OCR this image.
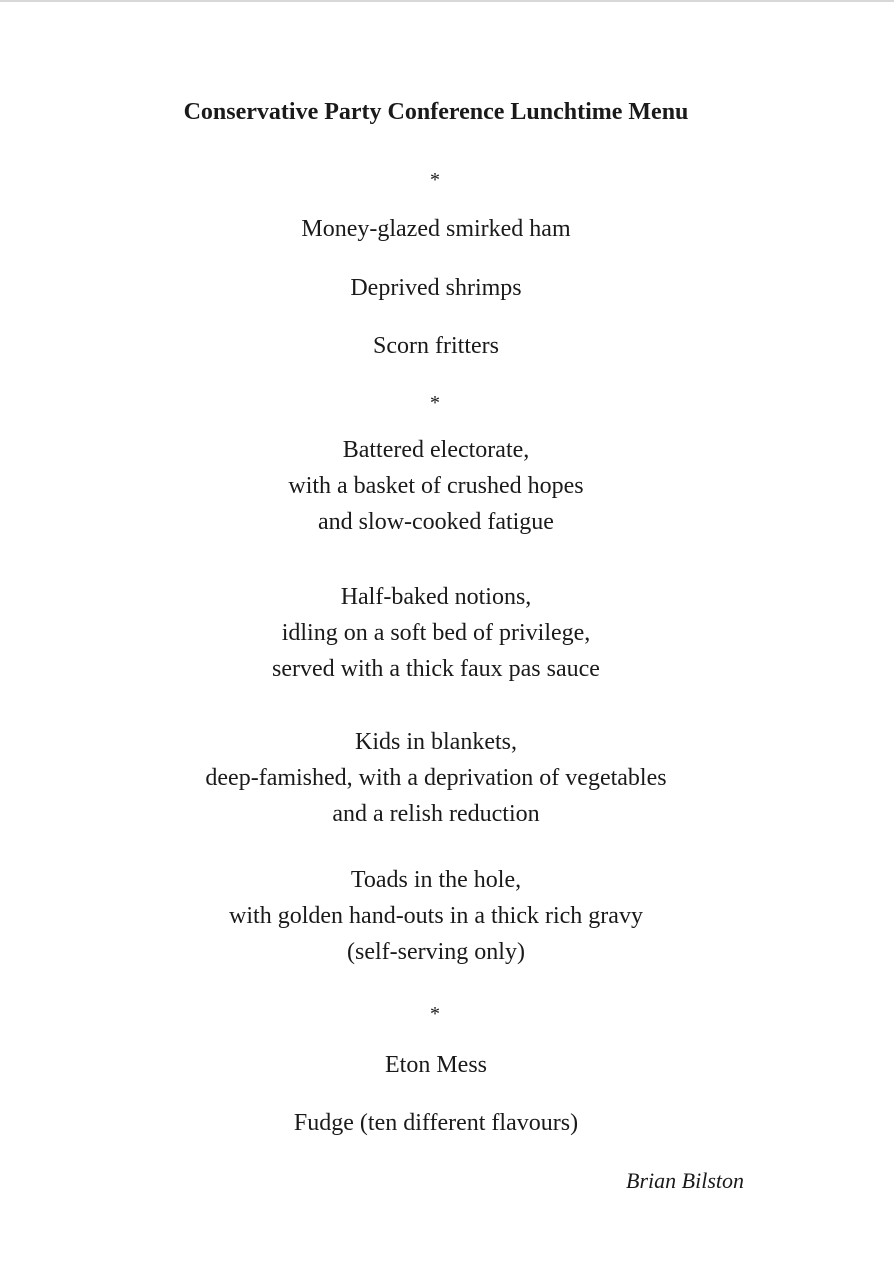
Conservative Party Conference Lunchtime Menu
*
Money-glazed smirked ham
Deprived shrimps
Scorn fritters
*
Battered electorate,
with a basket of crushed hopes
and slow-cooked fatigue
Half-baked notions,
idling on a soft bed of privilege,
served with a thick faux pas sauce
Kids in blankets,
deep-famished, with a deprivation of vegetables
and a relish reduction
Toads in the hole,
with golden hand-outs in a thick rich gravy
(self-serving only)
*
Eton Mess
Fudge (ten different flavours)
Brian Bilston
